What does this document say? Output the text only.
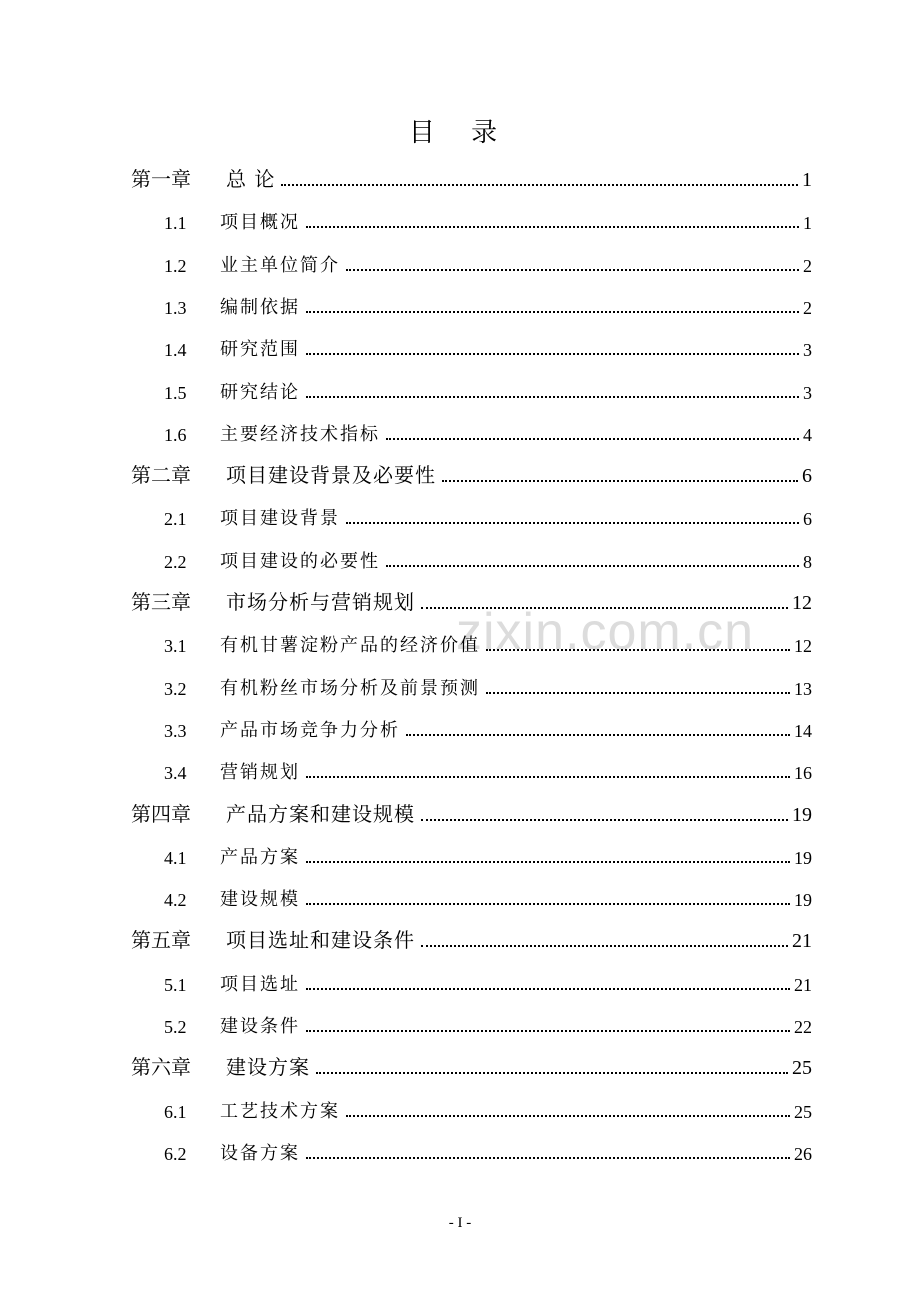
目 录
zixin.com.cn
第一章	总 论	1
1.1	项目概况	1
1.2	业主单位简介	2
1.3	编制依据	2
1.4	研究范围	3
1.5	研究结论	3
1.6	主要经济技术指标	4
第二章	项目建设背景及必要性	6
2.1	项目建设背景	6
2.2	项目建设的必要性	8
第三章	市场分析与营销规划	12
3.1	有机甘薯淀粉产品的经济价值	12
3.2	有机粉丝市场分析及前景预测	13
3.3	产品市场竞争力分析	14
3.4	营销规划	16
第四章	产品方案和建设规模	19
4.1	产品方案	19
4.2	建设规模	19
第五章	项目选址和建设条件	21
5.1	项目选址	21
5.2	建设条件	22
第六章	建设方案	25
6.1	工艺技术方案	25
6.2	设备方案	26
- I -
